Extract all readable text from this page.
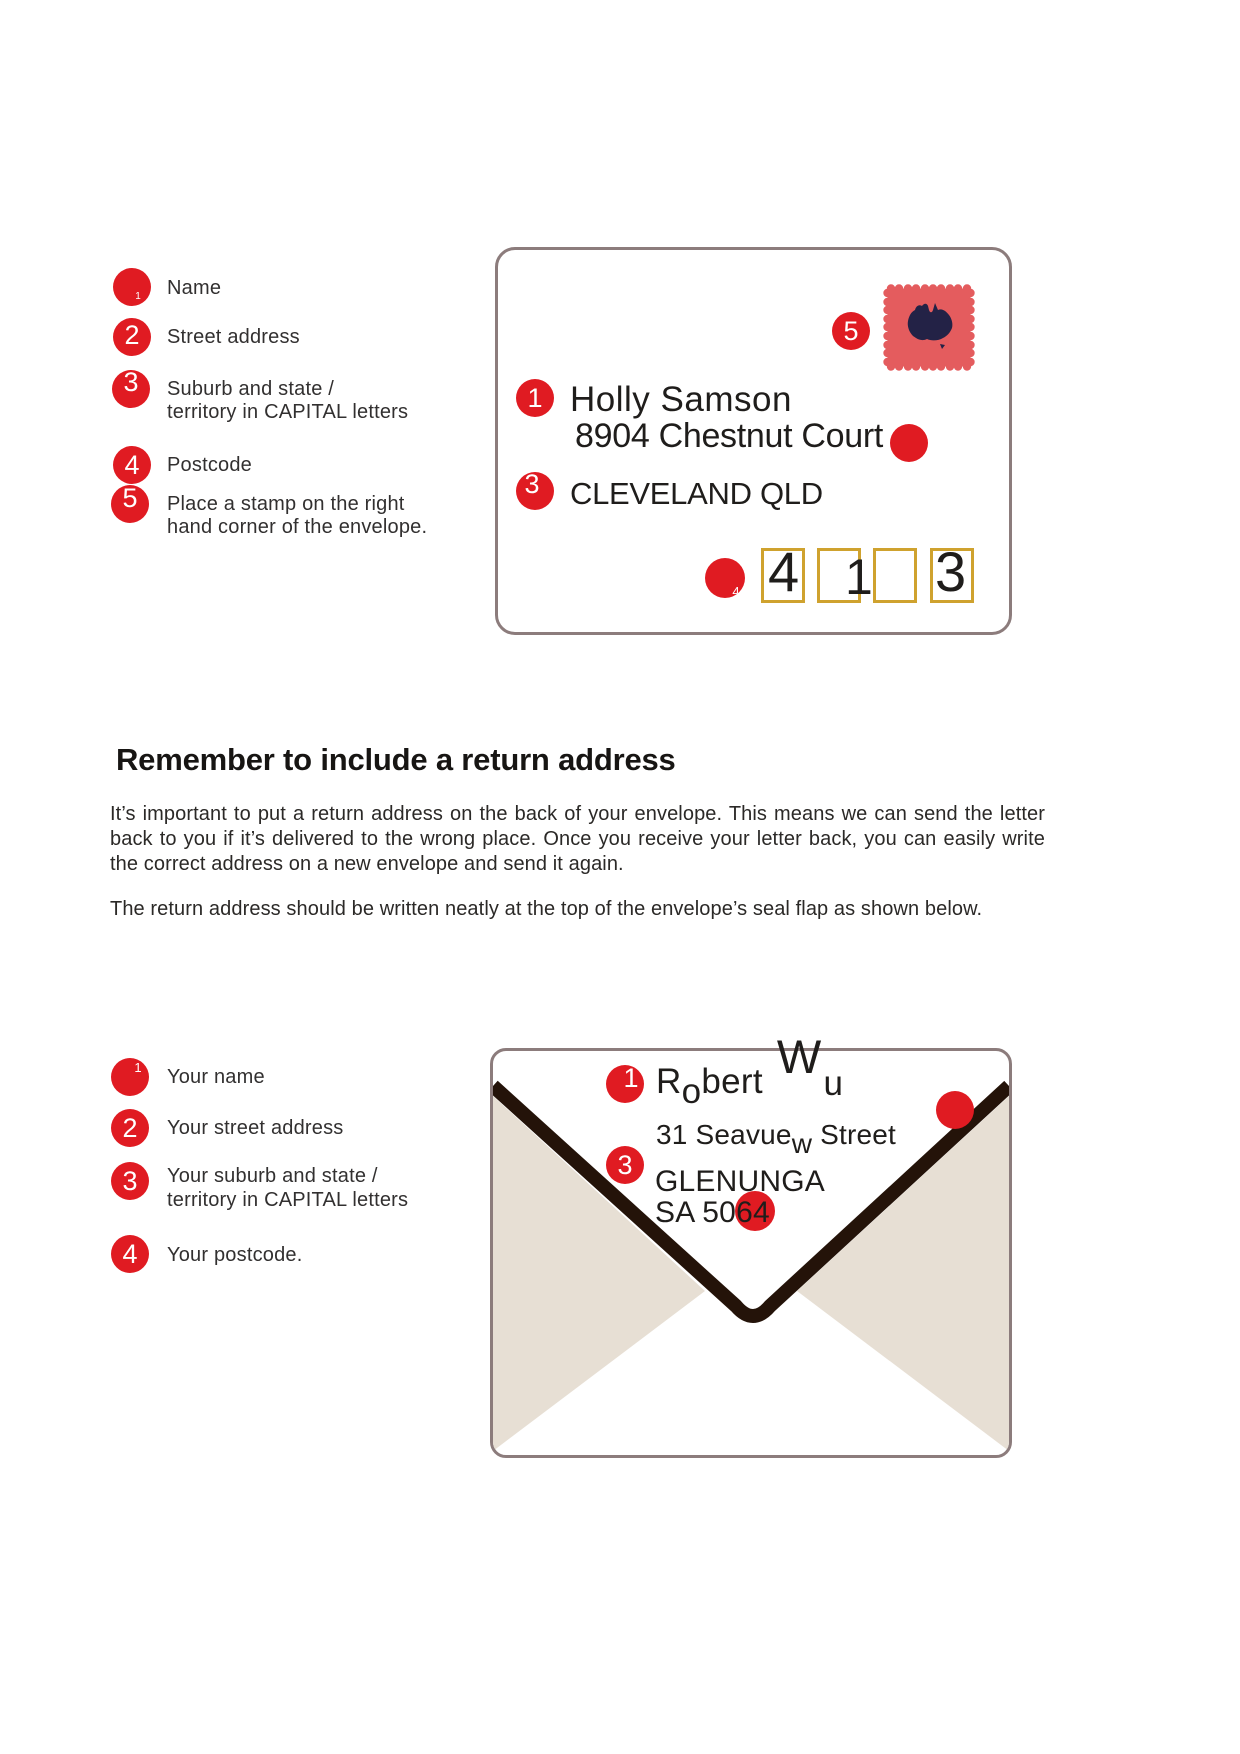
1 Name
2 Street address
3 Suburb and state /
territory in CAPITAL letters
4 Postcode
5 Place a stamp on the right
hand corner of the envelope.
5
1
3
4
Holly Samson
8904 Chestnut Court
CLEVELAND QLD
4 1 3
Remember to include a return address
It’s important to put a return address on the back of your envelope. This means we can send the letter back to you if it’s delivered to the wrong place. Once you receive your letter back, you can easily write the correct address on a new envelope and send it again.
The return address should be written neatly at the top of the envelope’s seal flap as shown below.
1 Your name
2 Your street address
3 Your suburb and state /
territory in CAPITAL letters
4 Your postcode.
1
3
Robert Wu
31 Seavuew Street
GLENUNGA
SA 5064
